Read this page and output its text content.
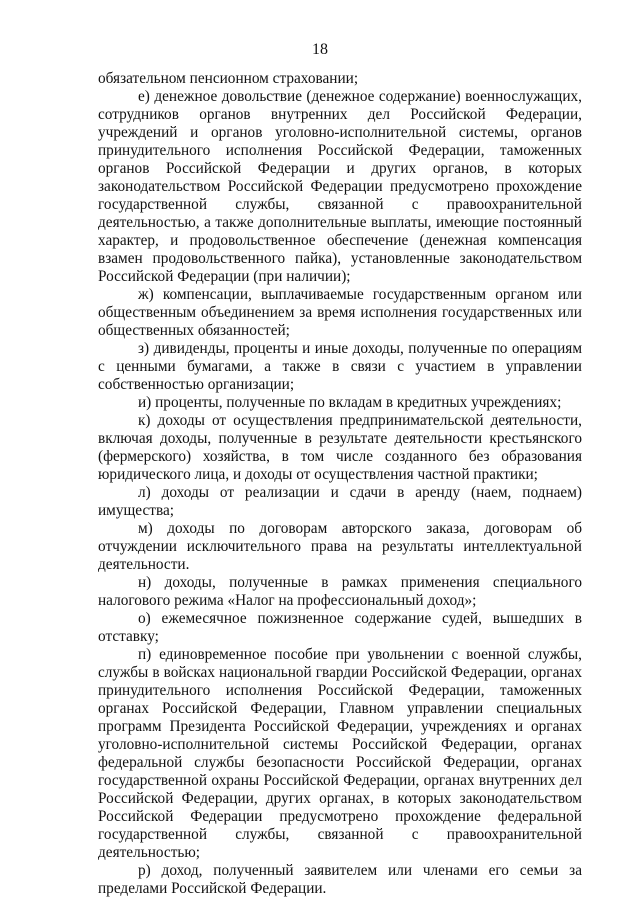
18

обязательном пенсионном страховании;

е) денежное довольствие (денежное содержание) военнослужащих, сотрудников органов внутренних дел Российской Федерации, учреждений и органов уголовно-исполнительной системы, органов принудительного исполнения Российской Федерации, таможенных органов Российской Федерации и других органов, в которых законодательством Российской Федерации предусмотрено прохождение государственной службы, связанной с правоохранительной деятельностью, а также дополнительные выплаты, имеющие постоянный характер, и продовольственное обеспечение (денежная компенсация взамен продовольственного пайка), установленные законодательством Российской Федерации (при наличии);

ж) компенсации, выплачиваемые государственным органом или общественным объединением за время исполнения государственных или общественных обязанностей;

з) дивиденды, проценты и иные доходы, полученные по операциям с ценными бумагами, а также в связи с участием в управлении собственностью организации;

и) проценты, полученные по вкладам в кредитных учреждениях;

к) доходы от осуществления предпринимательской деятельности, включая доходы, полученные в результате деятельности крестьянского (фермерского) хозяйства, в том числе созданного без образования юридического лица, и доходы от осуществления частной практики;

л) доходы от реализации и сдачи в аренду (наем, поднаем) имущества;

м) доходы по договорам авторского заказа, договорам об отчуждении исключительного права на результаты интеллектуальной деятельности.

н) доходы, полученные в рамках применения специального налогового режима «Налог на профессиональный доход»;

о) ежемесячное пожизненное содержание судей, вышедших в отставку;

п) единовременное пособие при увольнении с военной службы, службы в войсках национальной гвардии Российской Федерации, органах принудительного исполнения Российской Федерации, таможенных органах Российской Федерации, Главном управлении специальных программ Президента Российской Федерации, учреждениях и органах уголовно-исполнительной системы Российской Федерации, органах федеральной службы безопасности Российской Федерации, органах государственной охраны Российской Федерации, органах внутренних дел Российской Федерации, других органах, в которых законодательством Российской Федерации предусмотрено прохождение федеральной государственной службы, связанной с правоохранительной деятельностью;

р) доход, полученный заявителем или членами его семьи за пределами Российской Федерации.
